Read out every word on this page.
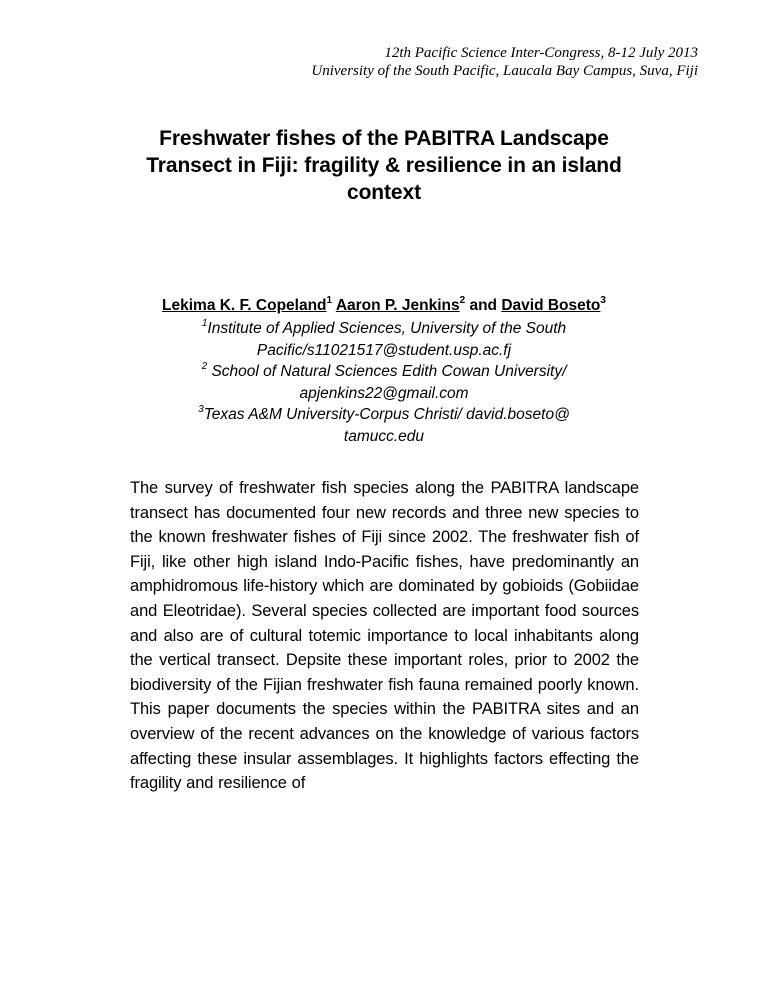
12th Pacific Science Inter-Congress, 8-12 July 2013
University of the South Pacific, Laucala Bay Campus, Suva, Fiji
Freshwater fishes of the PABITRA Landscape
Transect in Fiji: fragility & resilience in an island
context
Lekima K. F. Copeland$^1$ Aaron P. Jenkins$^2$ and David Boseto$^3$
$^1$Institute of Applied Sciences, University of the South
Pacific/s11021517@student.usp.ac.fj
$^2$ School of Natural Sciences Edith Cowan University/
apjenkins22@gmail.com
$^3$Texas A&M University-Corpus Christi/ david.boseto@
tamucc.edu
The survey of freshwater fish species along the PABITRA landscape transect has documented four new records and three new species to the known freshwater fishes of Fiji since 2002. The freshwater fish of Fiji, like other high island Indo-Pacific fishes, have predominantly an amphidromous life-history which are dominated by gobioids (Gobiidae and Eleotridae). Several species collected are important food sources and also are of cultural totemic importance to local inhabitants along the vertical transect. Depsite these important roles, prior to 2002 the biodiversity of the Fijian freshwater fish fauna remained poorly known. This paper documents the species within the PABITRA sites and an overview of the recent advances on the knowledge of various factors affecting these insular assemblages. It highlights factors effecting the fragility and resilience of
